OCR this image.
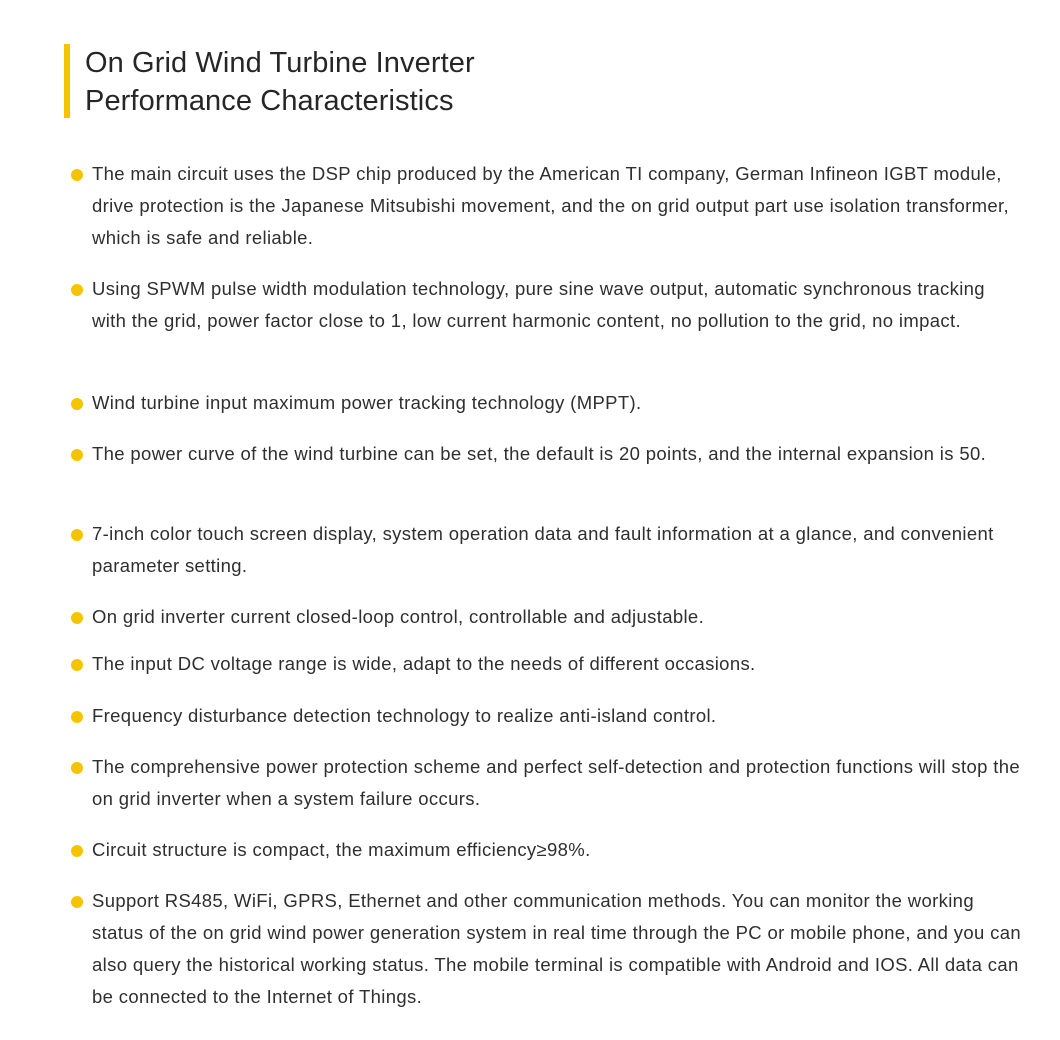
On Grid Wind Turbine Inverter
Performance Characteristics
The main circuit uses the DSP chip produced by the American TI company, German Infineon IGBT module, drive protection is the Japanese Mitsubishi movement, and the on grid output part use isolation transformer, which is safe and reliable.
Using SPWM pulse width modulation technology, pure sine wave output, automatic synchronous tracking with the grid, power factor close to 1, low current harmonic content, no pollution to the grid, no impact.
Wind turbine input maximum power tracking technology (MPPT).
The power curve of the wind turbine can be set, the default is 20 points, and the internal expansion is 50.
7-inch color touch screen display, system operation data and fault information at a glance, and convenient parameter setting.
On grid inverter current closed-loop control, controllable and adjustable.
The input DC voltage range is wide, adapt to the needs of different occasions.
Frequency disturbance detection technology to realize anti-island control.
The comprehensive power protection scheme and perfect self-detection and protection functions will stop the on grid inverter when a system failure occurs.
Circuit structure is compact, the maximum efficiency≥98%.
Support RS485, WiFi, GPRS, Ethernet and other communication methods. You can monitor the working status of the on grid wind power generation system in real time through the PC or mobile phone, and you can also query the historical working status. The mobile terminal is compatible with Android and IOS. All data can be connected to the Internet of Things.
